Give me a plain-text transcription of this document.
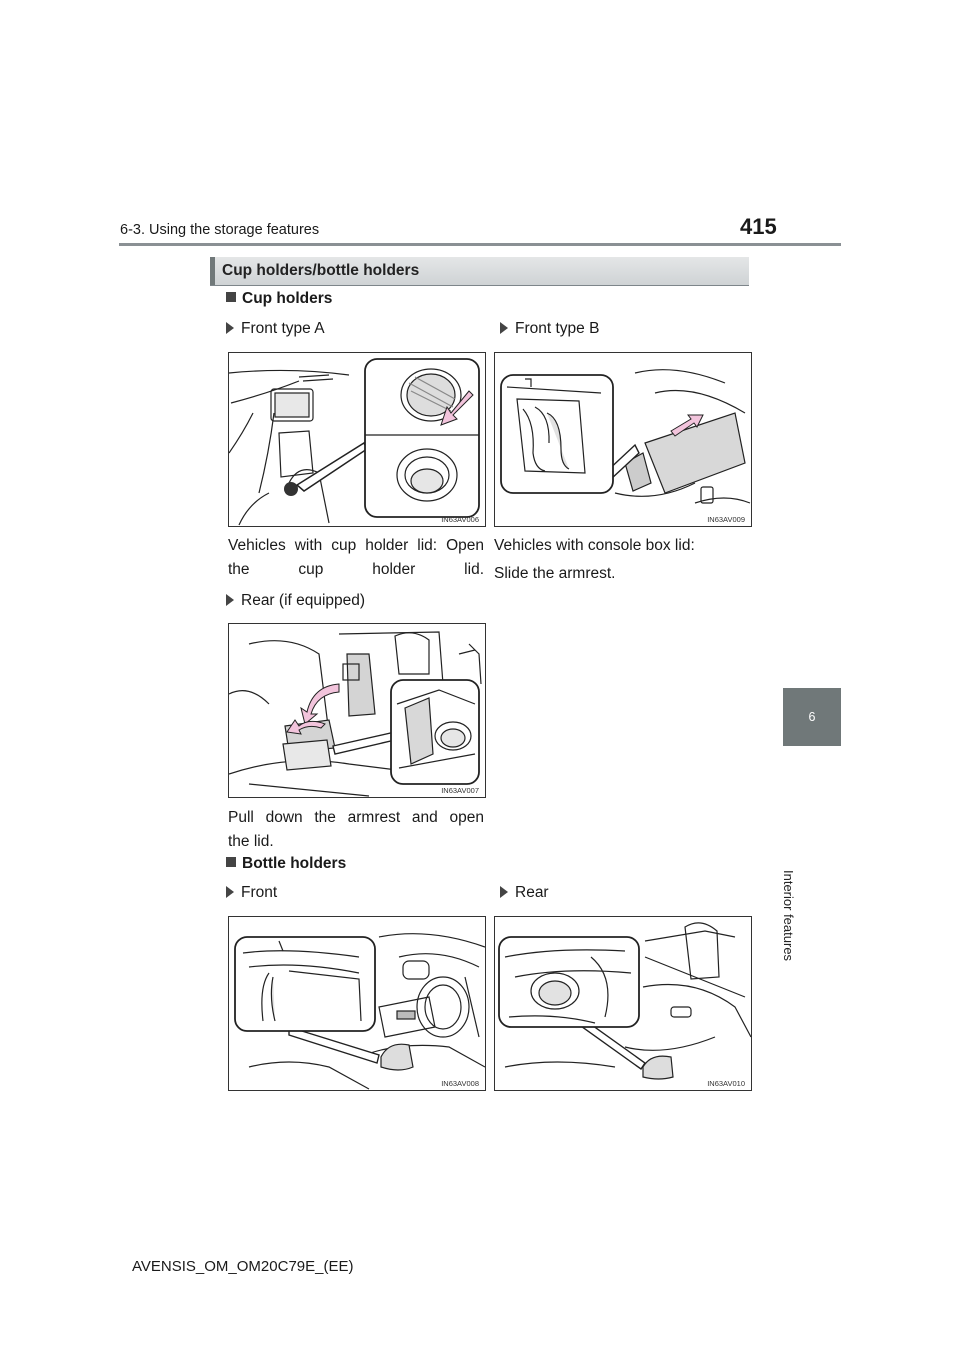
6-3. Using the storage features	415
6
Interior features
Cup holders/bottle holders
Cup holders
Front type A	Front type B
IN63AV006	IN63AV009
Vehicles with cup holder lid: Open the cup holder lid.
Vehicles with console box lid:
Slide the armrest.
Rear (if equipped)
IN63AV007
Pull down the armrest and open
the lid.
Bottle holders
Front	Rear
IN63AV008	IN63AV010
AVENSIS_OM_OM20C79E_(EE)
